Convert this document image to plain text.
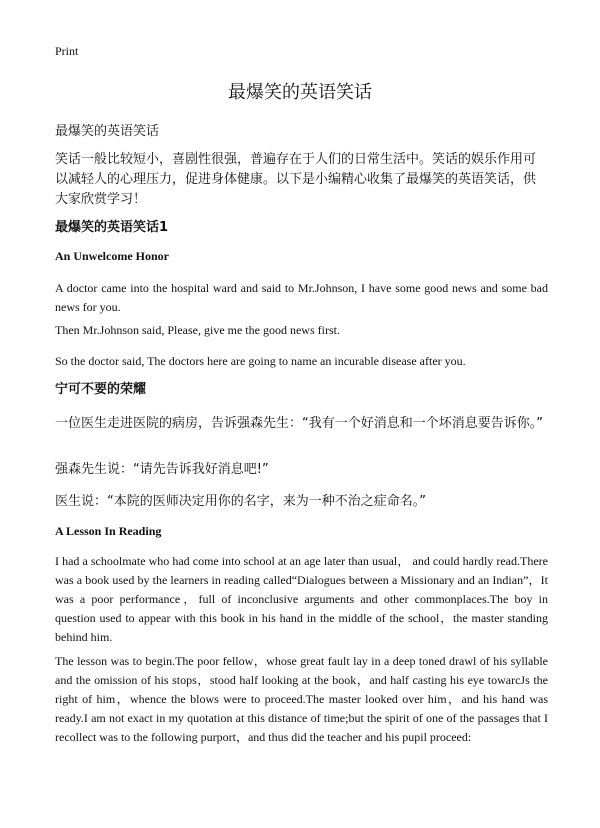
Print
最爆笑的英语笑话
最爆笑的英语笑话

笑话一般比较短小，喜剧性很强，普遍存在于人们的日常生活中。笑话的娱乐作用可以减轻人的心理压力，促进身体健康。以下是小编精心收集了最爆笑的英语笑话，供大家欣赏学习！

最爆笑的英语笑话1
An Unwelcome Honor

A doctor came into the hospital ward and said to Mr.Johnson, I have some good news and some bad news for you.

Then Mr.Johnson said, Please, give me the good news first.

So the doctor said, The doctors here are going to name an incurable disease after you.

宁可不要的荣耀

一位医生走进医院的病房，告诉强森先生：“我有一个好消息和一个坏消息要告诉你。”

强森先生说：“请先告诉我好消息吧!”

医生说：“本院的医师决定用你的名字，来为一种不治之症命名。”

A Lesson In Reading

I had a schoolmate who had come into school at an age later than usual， and could hardly read.There was a book used by the learners in reading called“Dialogues between a Missionary and an Indian”，It was a poor performance，full of inconclusive arguments and other commonplaces.The boy in question used to appear with this book in his hand in the middle of the school，the master standing behind him.

The lesson was to begin.The poor fellow，whose great fault lay in a deep toned drawl of his syllable and the omission of his stops，stood half looking at the book，and half casting his eye towarcJs the right of him，whence the blows were to proceed.The master looked over him，and his hand was ready.I am not exact in my quotation at this distance of time;but the spirit of one of the passages that I recollect was to the following purport，and thus did the teacher and his pupil proceed:
